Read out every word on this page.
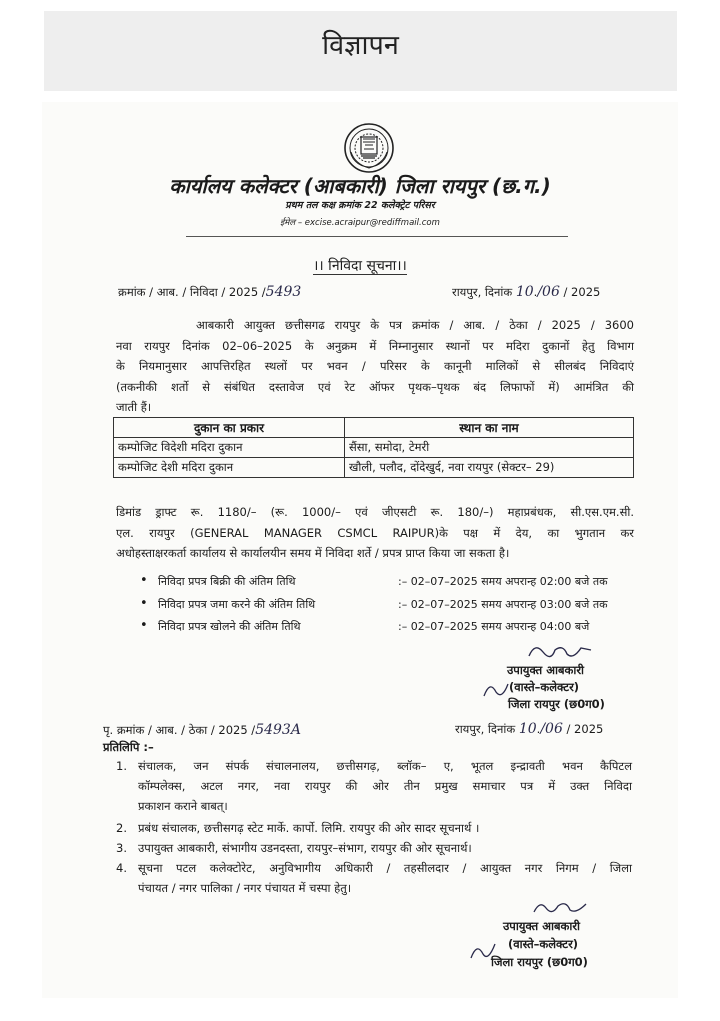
विज्ञापन
कार्यालय कलेक्टर (आबकारी) जिला रायपुर (छ.ग.)
प्रथम तल कक्ष क्रमांक 22 कलेक्ट्रेट परिसर
ईमेल – excise.acraipur@rediffmail.com
।। निविदा सूचना।।
क्रमांक / आब. / निविदा / 2025 /5493	रायपुर, दिनांक 10./06 / 2025
आबकारी आयुक्त छत्तीसगढ रायपुर के पत्र क्रमांक / आब. / ठेका / 2025 / 3600
नवा रायपुर दिनांक 02–06–2025 के अनुक्रम में निम्नानुसार स्थानों पर मदिरा दुकानों हेतु विभाग
के नियमानुसार आपत्तिरहित स्थलों पर भवन / परिसर के कानूनी मालिकों से सीलबंद निविदाएं
(तकनीकी शर्तो से संबंधित दस्तावेज एवं रेट ऑफर पृथक–पृथक बंद लिफाफों में) आमंत्रित की
जाती हैं।
दुकान का प्रकार	स्थान का नाम
कम्पोजिट विदेशी मदिरा दुकान	सैंसा, समोदा, टेमरी
कम्पोजिट देशी मदिरा दुकान	खौली, पलौद, दोंदेखुर्द, नवा रायपुर (सेक्टर– 29)
डिमांड ड्राफ्ट रू. 1180/– (रू. 1000/– एवं जीएसटी रू. 180/–) महाप्रबंधक, सी.एस.एम.सी.
एल. रायपुर (GENERAL MANAGER CSMCL RAIPUR)के पक्ष में देय, का भुगतान कर
अधोहस्ताक्षरकर्ता कार्यालय से कार्यालयीन समय में निविदा शर्ते / प्रपत्र प्राप्त किया जा सकता है।
• निविदा प्रपत्र बिक्री की अंतिम तिथि	:– 02–07–2025 समय अपरान्ह 02:00 बजे तक
• निविदा प्रपत्र जमा करने की अंतिम तिथि	:– 02–07–2025 समय अपरान्ह 03:00 बजे तक
• निविदा प्रपत्र खोलने की अंतिम तिथि	:– 02–07–2025 समय अपरान्ह 04:00 बजे
उपायुक्त आबकारी
(वास्ते–कलेक्टर)
जिला रायपुर (छ0ग0)
पृ. क्रमांक / आब. / ठेका / 2025 /5493A	रायपुर, दिनांक 10./06 / 2025
प्रतिलिपि :–
1. संचालक, जन संपर्क संचालनालय, छत्तीसगढ़, ब्लॉक– ए, भूतल इन्द्रावती भवन कैपिटल
कॉम्पलेक्स, अटल नगर, नवा रायपुर की ओर तीन प्रमुख समाचार पत्र में उक्त निविदा
प्रकाशन कराने बाबत्।
2. प्रबंध संचालक, छत्तीसगढ़ स्टेट मार्के. कार्पो. लिमि. रायपुर की ओर सादर सूचनार्थ ।
3. उपायुक्त आबकारी, संभागीय उडनदस्ता, रायपुर–संभाग, रायपुर की ओर सूचनार्थ।
4. सूचना पटल कलेक्टोरेट, अनुविभागीय अधिकारी / तहसीलदार / आयुक्त नगर निगम / जिला
पंचायत / नगर पालिका / नगर पंचायत में चस्पा हेतु।
उपायुक्त आबकारी
(वास्ते–कलेक्टर)
जिला रायपुर (छ0ग0)
